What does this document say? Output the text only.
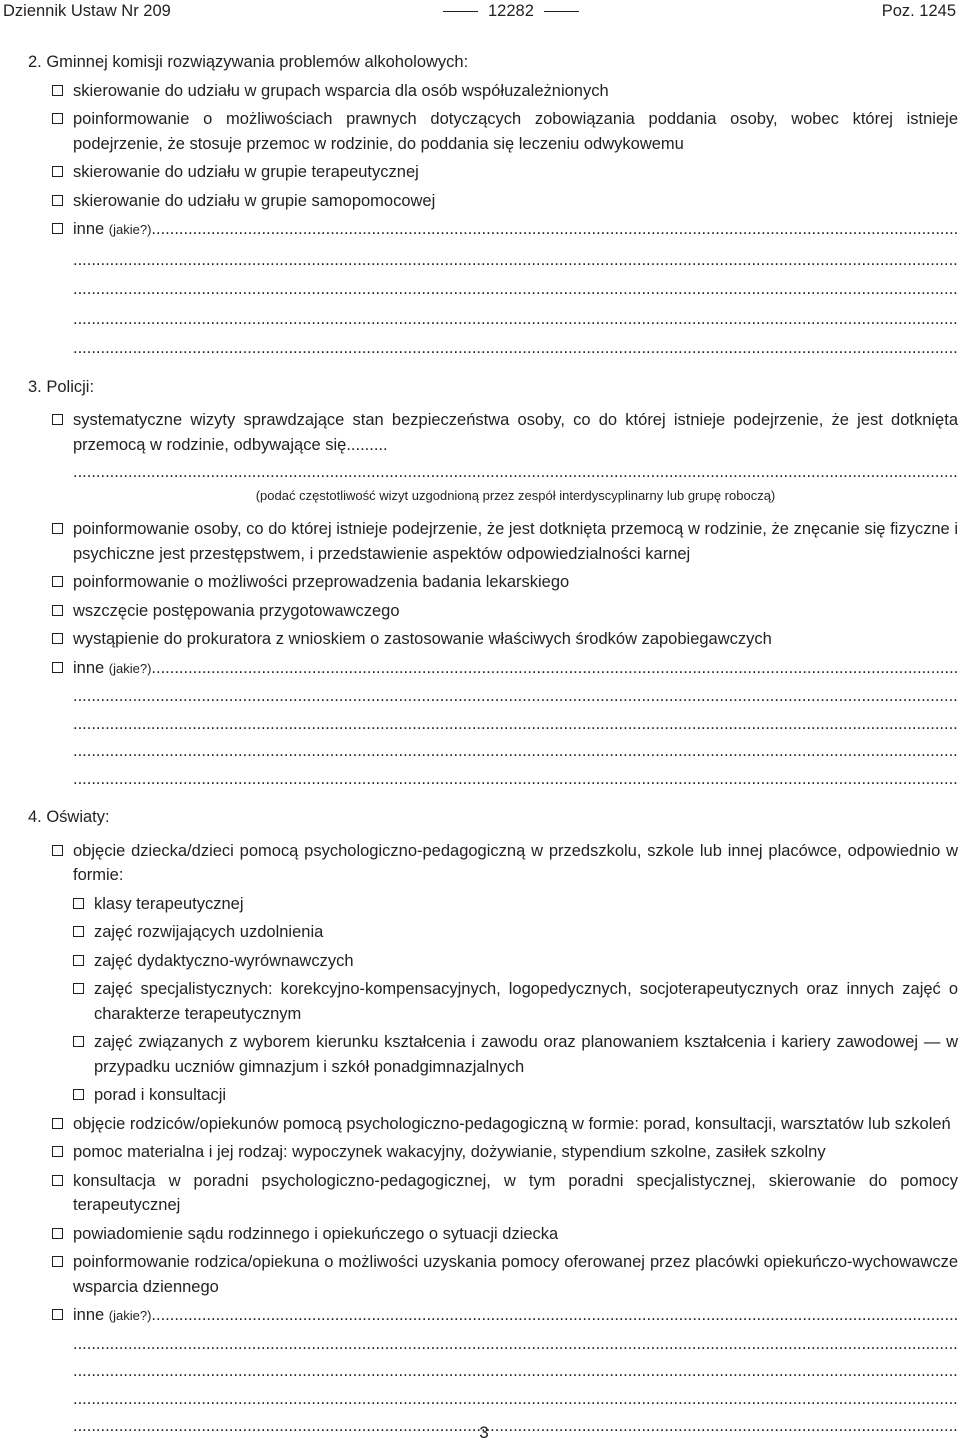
Dziennik Ustaw Nr 209	12282	Poz. 1245
2. Gminnej komisji rozwiązywania problemów alkoholowych:
skierowanie do udziału w grupach wsparcia dla osób współuzależnionych
poinformowanie o możliwościach prawnych dotyczących zobowiązania poddania osoby, wobec której istnieje podejrzenie, że stosuje przemoc w rodzinie, do poddania się leczeniu odwykowemu
skierowanie do udziału w grupie terapeutycznej
skierowanie do udziału w grupie samopomocowej
inne (jakie?) .....
.....
.....
.....
.....
3. Policji:
systematyczne wizyty sprawdzające stan bezpieczeństwa osoby, co do której istnieje podejrzenie, że jest dotknięta przemocą w rodzinie, odbywające się.........
.....
(podać częstotliwość wizyt uzgodnioną przez zespół interdyscyplinarny lub grupę roboczą)
poinformowanie osoby, co do której istnieje podejrzenie, że jest dotknięta przemocą w rodzinie, że znęcanie się fizyczne i psychiczne jest przestępstwem, i przedstawienie aspektów odpowiedzialności karnej
poinformowanie o możliwości przeprowadzenia badania lekarskiego
wszczęcie postępowania przygotowawczego
wystąpienie do prokuratora z wnioskiem o zastosowanie właściwych środków zapobiegawczych
inne (jakie?) .....
.....
.....
.....
.....
4. Oświaty:
objęcie dziecka/dzieci pomocą psychologiczno-pedagogiczną w przedszkolu, szkole lub innej placówce, odpowiednio w formie:
klasy terapeutycznej
zajęć rozwijających uzdolnienia
zajęć dydaktyczno-wyrównawczych
zajęć specjalistycznych: korekcyjno-kompensacyjnych, logopedycznych, socjoterapeutycznych oraz innych zajęć o charakterze terapeutycznym
zajęć związanych z wyborem kierunku kształcenia i zawodu oraz planowaniem kształcenia i kariery zawodowej — w przypadku uczniów gimnazjum i szkół ponadgimnazjalnych
porad i konsultacji
objęcie rodziców/opiekunów pomocą psychologiczno-pedagogiczną w formie: porad, konsultacji, warsztatów lub szkoleń
pomoc materialna i jej rodzaj: wypoczynek wakacyjny, dożywianie, stypendium szkolne, zasiłek szkolny
konsultacja w poradni psychologiczno-pedagogicznej, w tym poradni specjalistycznej, skierowanie do pomocy terapeutycznej
powiadomienie sądu rodzinnego i opiekuńczego o sytuacji dziecka
poinformowanie rodzica/opiekuna o możliwości uzyskania pomocy oferowanej przez placówki opiekuńczo-wychowawcze wsparcia dziennego
inne (jakie?) .....
.....
.....
.....
.....
3
